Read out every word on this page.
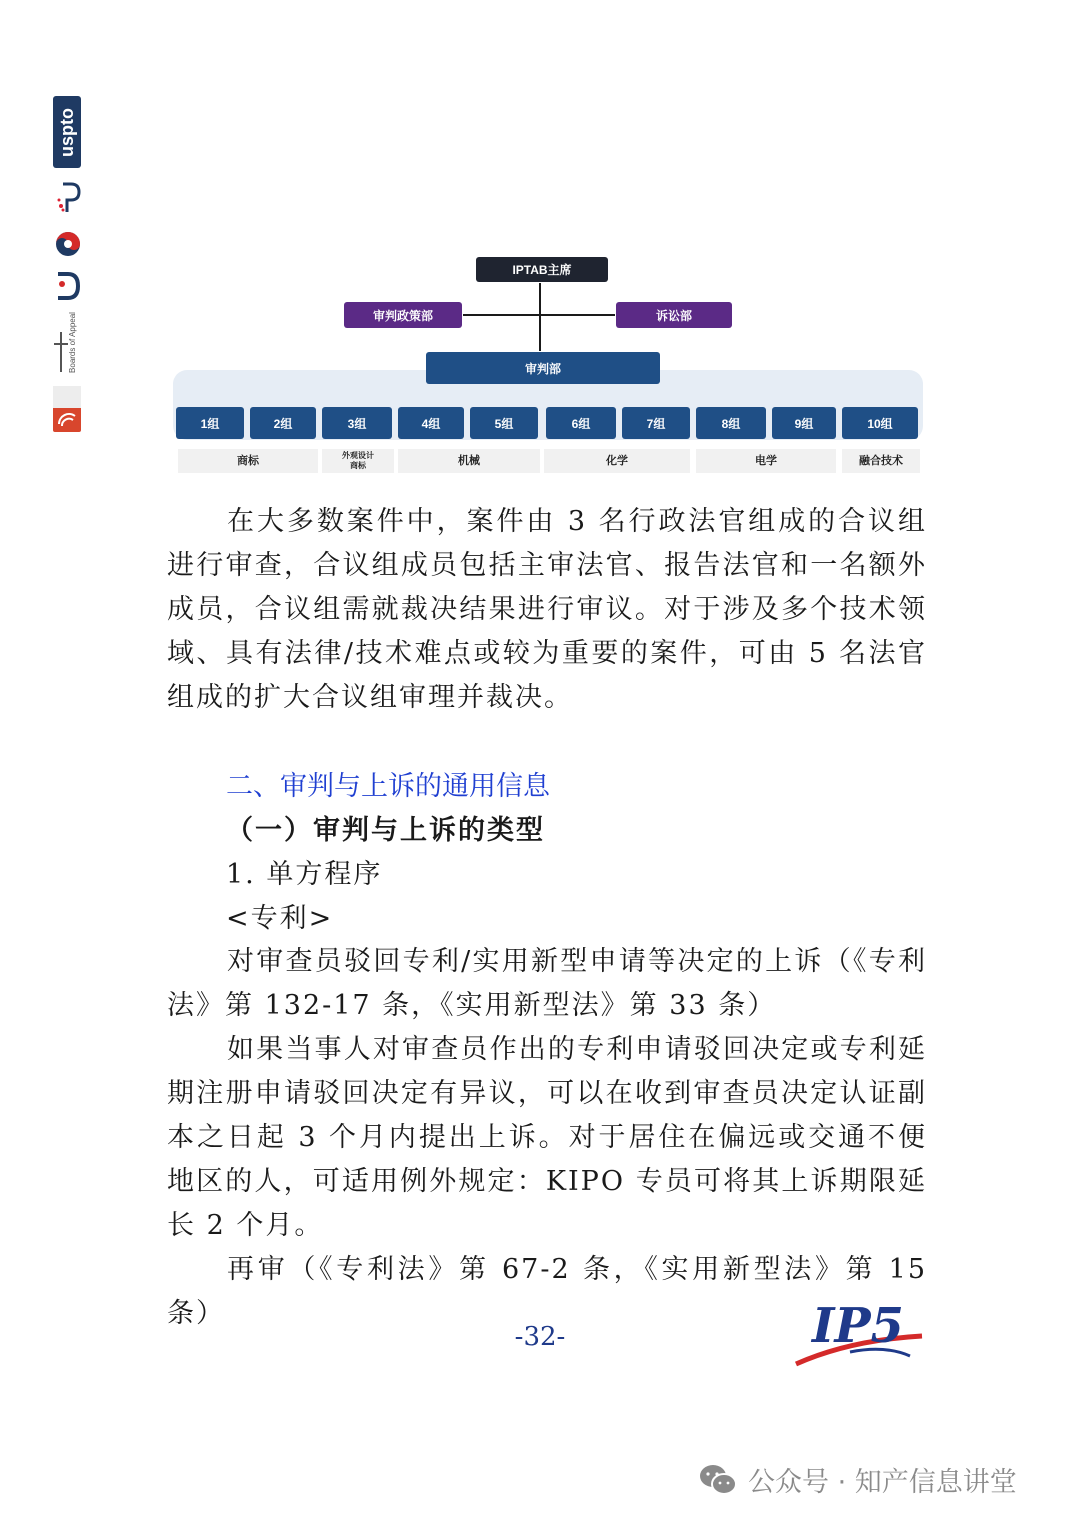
uspto
Boards of Appeal
IPTAB主席
审判政策部	诉讼部
审判部
1组	2组	3组	4组	5组	6组	7组	8组	9组	10组
商标	外观设计
商标	机械	化学	电学	融合技术
在大多数案件中，案件由 3 名行政法官组成的合议组进行审查，合议组成员包括主审法官、报告法官和一名额外成员，合议组需就裁决结果进行审议。对于涉及多个技术领域、具有法律/技术难点或较为重要的案件，可由 5 名法官组成的扩大合议组审理并裁决。
二、审判与上诉的通用信息
（一）审判与上诉的类型
1. 单方程序
<专利>
对审查员驳回专利/实用新型申请等决定的上诉（《专利法》第 132-17 条，《实用新型法》第 33 条）
如果当事人对审查员作出的专利申请驳回决定或专利延期注册申请驳回决定有异议，可以在收到审查员决定认证副本之日起 3 个月内提出上诉。对于居住在偏远或交通不便地区的人，可适用例外规定：KIPO 专员可将其上诉期限延长 2 个月。
再审（《专利法》第 67-2 条，《实用新型法》第 15 条）
-32-	IP5
公众号 · 知产信息讲堂
